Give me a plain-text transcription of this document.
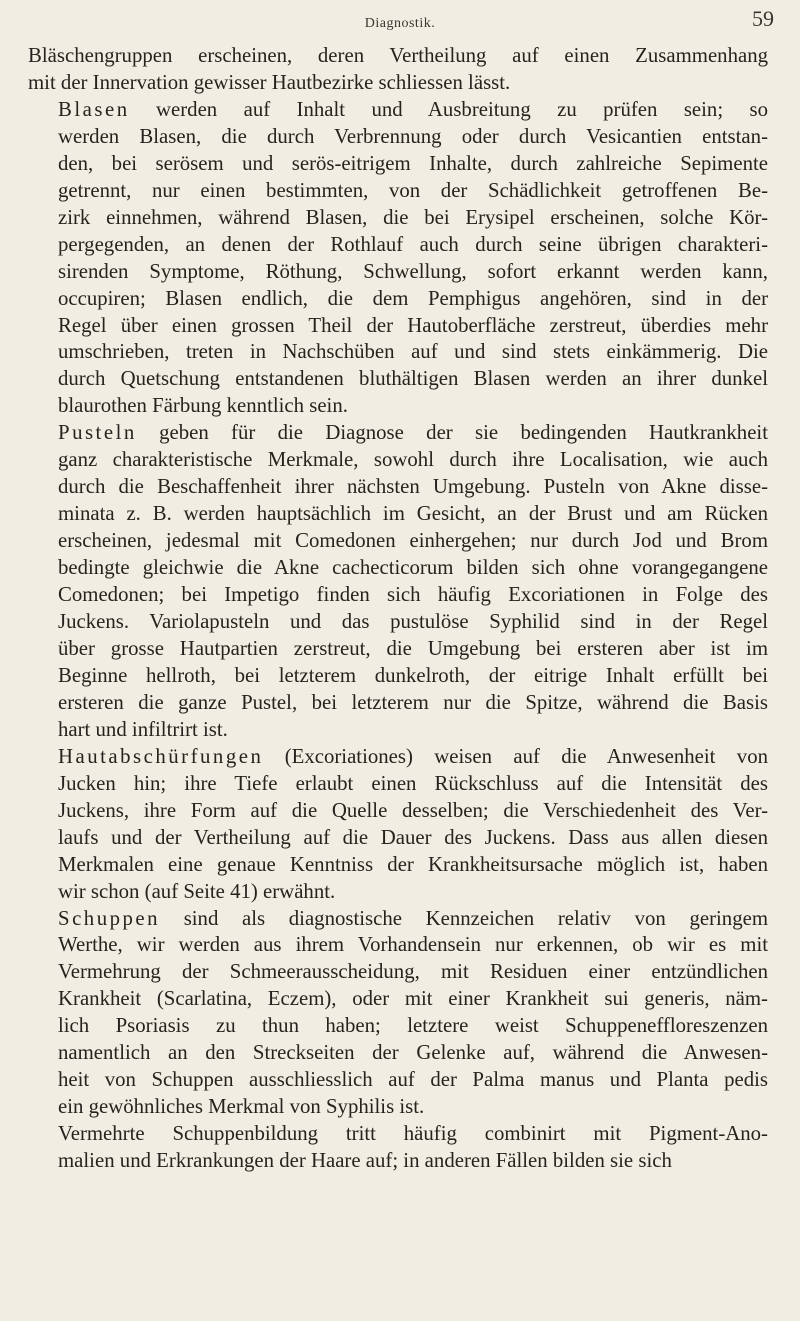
Diagnostik.	59

Bläschengruppen erscheinen, deren Vertheilung auf einen Zusammenhang
mit der Innervation gewisser Hautbezirke schliessen lässt.

Blasen werden auf Inhalt und Ausbreitung zu prüfen sein; so
werden Blasen, die durch Verbrennung oder durch Vesicantien entstan-
den, bei serösem und serös-eitrigem Inhalte, durch zahlreiche Sepimente
getrennt, nur einen bestimmten, von der Schädlichkeit getroffenen Be-
zirk einnehmen, während Blasen, die bei Erysipel erscheinen, solche Kör-
pergegenden, an denen der Rothlauf auch durch seine übrigen charakteri-
sirenden Symptome, Röthung, Schwellung, sofort erkannt werden kann,
occupiren; Blasen endlich, die dem Pemphigus angehören, sind in der
Regel über einen grossen Theil der Hautoberfläche zerstreut, überdies mehr
umschrieben, treten in Nachschüben auf und sind stets einkämmerig. Die
durch Quetschung entstandenen bluthältigen Blasen werden an ihrer dunkel
blaurothen Färbung kenntlich sein.

Pusteln geben für die Diagnose der sie bedingenden Hautkrankheit
ganz charakteristische Merkmale, sowohl durch ihre Localisation, wie auch
durch die Beschaffenheit ihrer nächsten Umgebung. Pusteln von Akne disse-
minata z. B. werden hauptsächlich im Gesicht, an der Brust und am Rücken
erscheinen, jedesmal mit Comedonen einhergehen; nur durch Jod und Brom
bedingte gleichwie die Akne cachecticorum bilden sich ohne vorangegangene
Comedonen; bei Impetigo finden sich häufig Excoriationen in Folge des
Juckens. Variolapusteln und das pustulöse Syphilid sind in der Regel
über grosse Hautpartien zerstreut, die Umgebung bei ersteren aber ist im
Beginne hellroth, bei letzterem dunkelroth, der eitrige Inhalt erfüllt bei
ersteren die ganze Pustel, bei letzterem nur die Spitze, während die Basis
hart und infiltrirt ist.

Hautabschürfungen (Excoriationes) weisen auf die Anwesenheit von
Jucken hin; ihre Tiefe erlaubt einen Rückschluss auf die Intensität des
Juckens, ihre Form auf die Quelle desselben; die Verschiedenheit des Ver-
laufs und der Vertheilung auf die Dauer des Juckens. Dass aus allen diesen
Merkmalen eine genaue Kenntniss der Krankheitsursache möglich ist, haben
wir schon (auf Seite 41) erwähnt.

Schuppen sind als diagnostische Kennzeichen relativ von geringem
Werthe, wir werden aus ihrem Vorhandensein nur erkennen, ob wir es mit
Vermehrung der Schmeerausscheidung, mit Residuen einer entzündlichen
Krankheit (Scarlatina, Eczem), oder mit einer Krankheit sui generis, näm-
lich Psoriasis zu thun haben; letztere weist Schuppeneffloreszenzen
namentlich an den Streckseiten der Gelenke auf, während die Anwesen-
heit von Schuppen ausschliesslich auf der Palma manus und Planta pedis
ein gewöhnliches Merkmal von Syphilis ist.

Vermehrte Schuppenbildung tritt häufig combinirt mit Pigment-Ano-
malien und Erkrankungen der Haare auf; in anderen Fällen bilden sie sich
